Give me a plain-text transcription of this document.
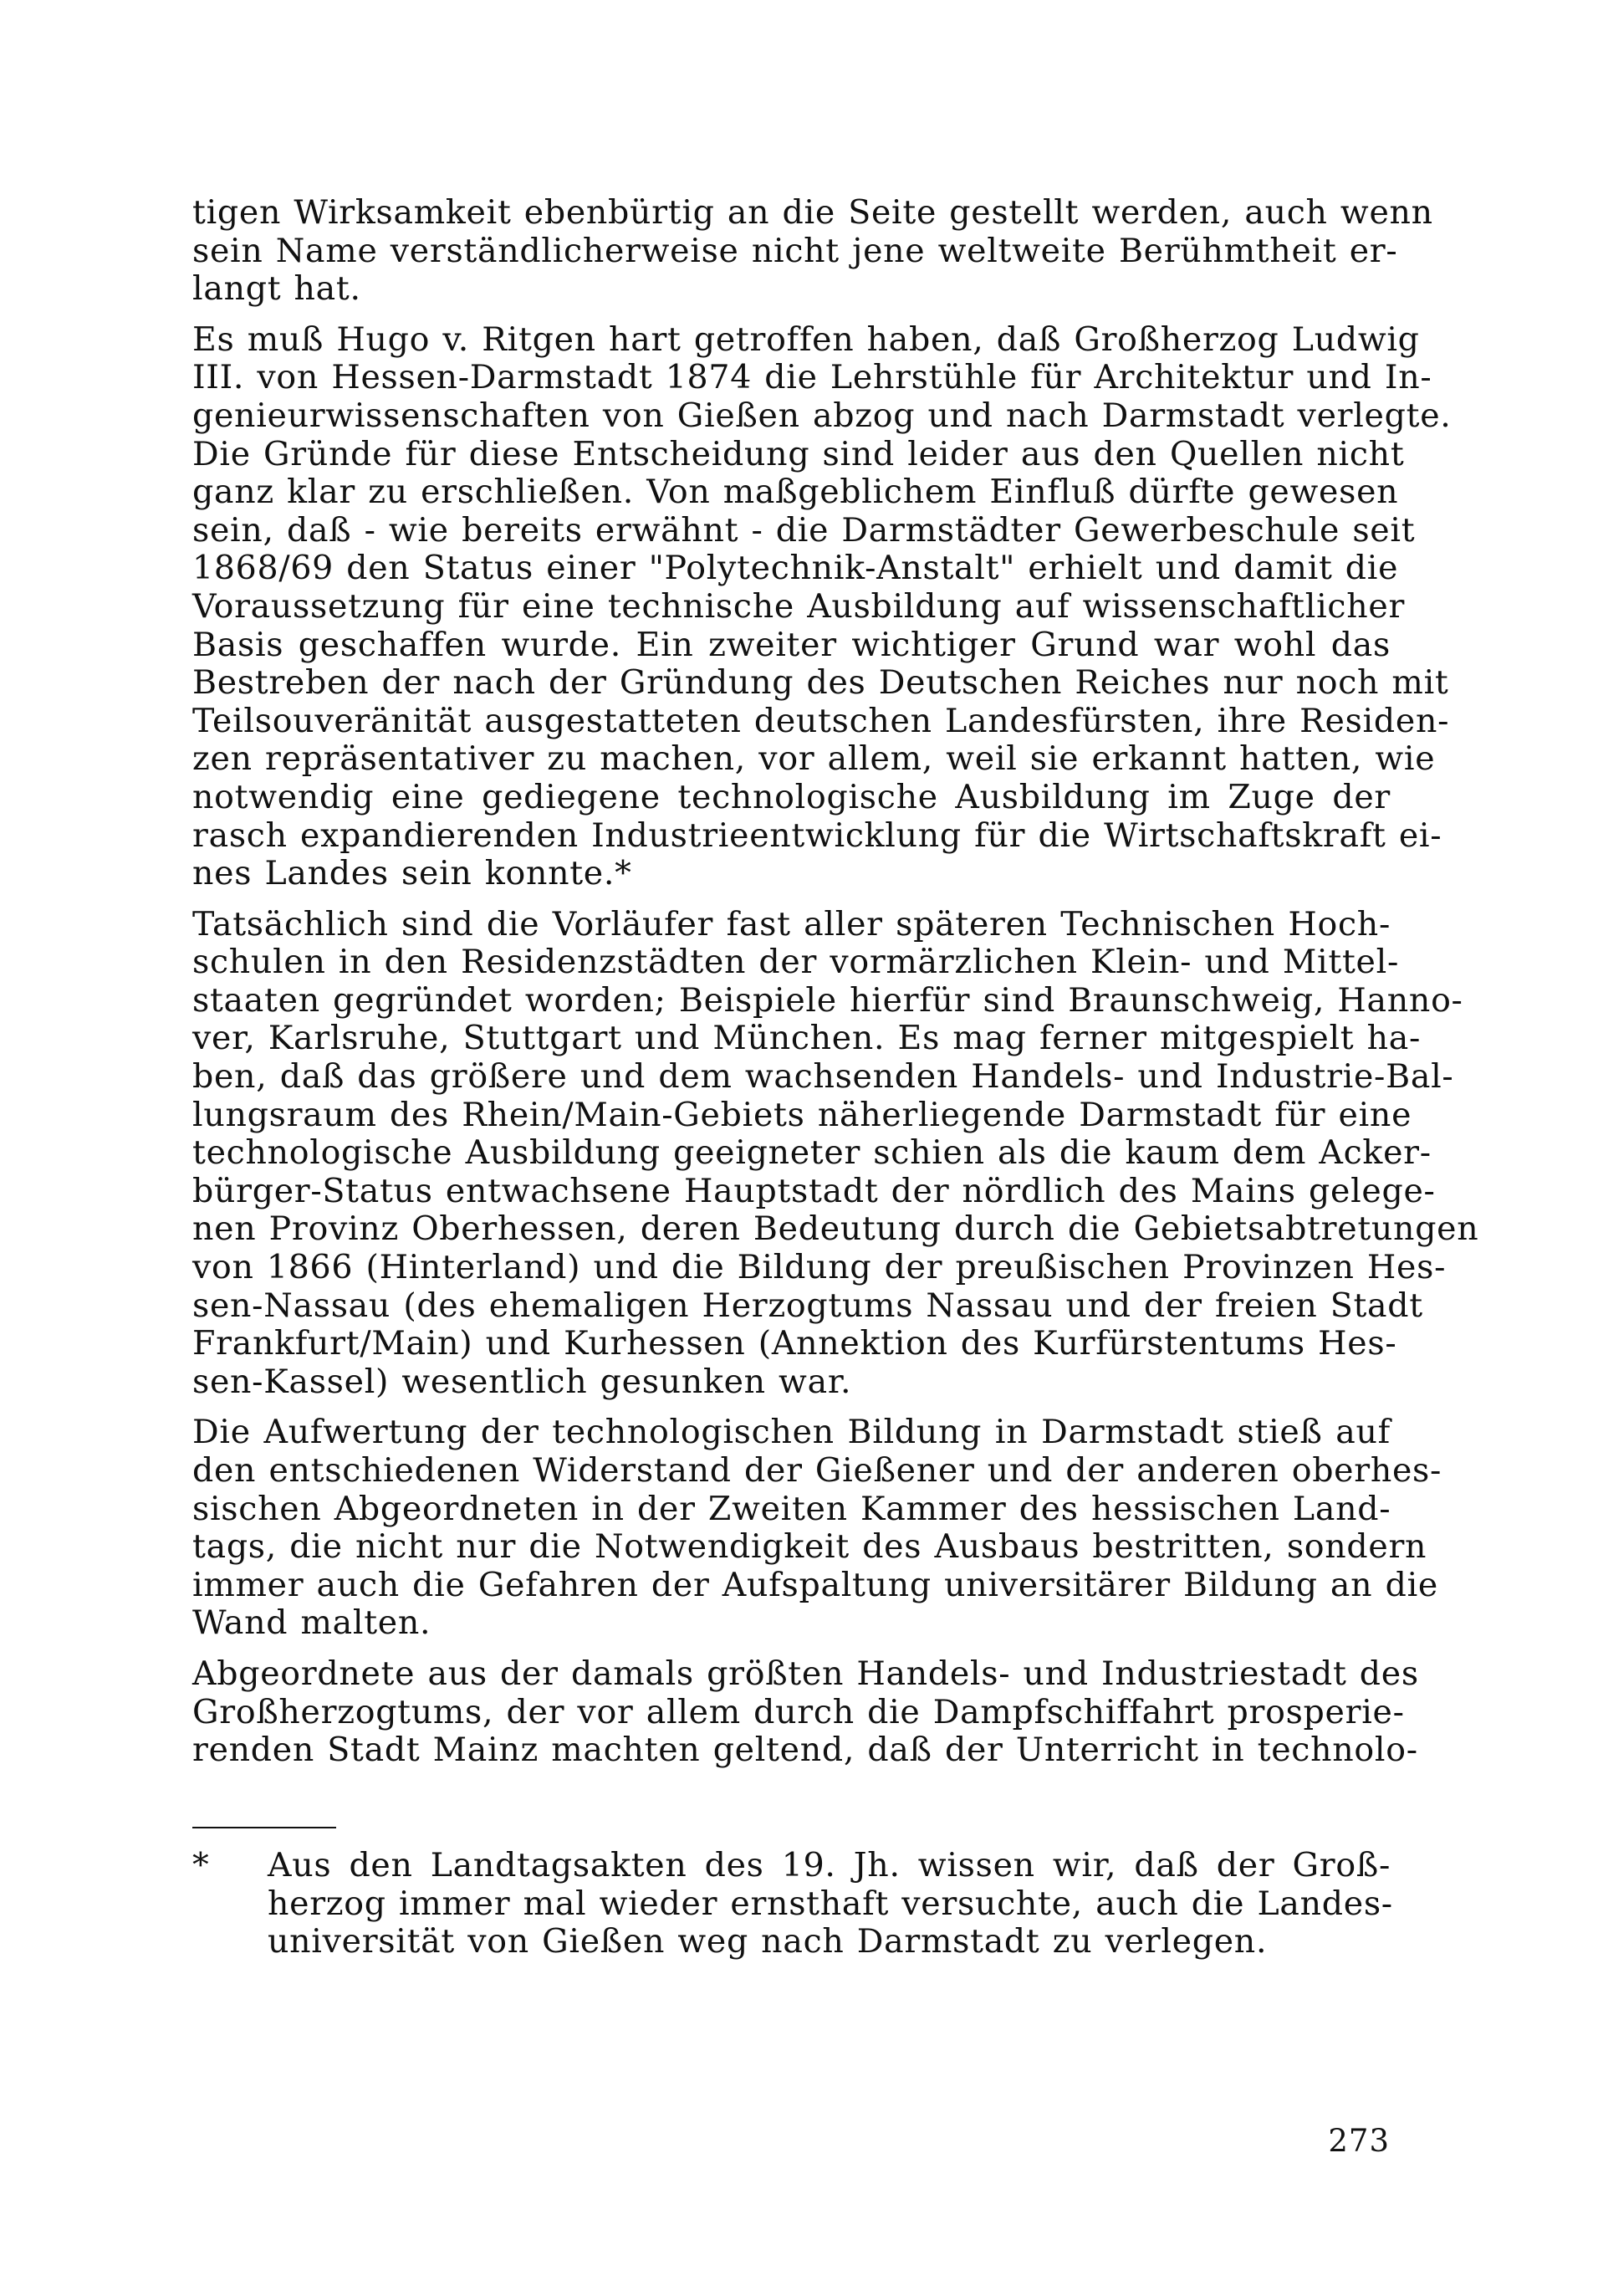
tigen Wirksamkeit ebenbürtig an die Seite gestellt werden, auch wenn
sein Name verständlicherweise nicht jene weltweite Berühmtheit er-
langt hat.

Es muß Hugo v. Ritgen hart getroffen haben, daß Großherzog Ludwig
III. von Hessen-Darmstadt 1874 die Lehrstühle für Architektur und In-
genieurwissenschaften von Gießen abzog und nach Darmstadt verlegte.
Die Gründe für diese Entscheidung sind leider aus den Quellen nicht
ganz klar zu erschließen. Von maßgeblichem Einfluß dürfte gewesen
sein, daß - wie bereits erwähnt - die Darmstädter Gewerbeschule seit
1868/69 den Status einer "Polytechnik-Anstalt" erhielt und damit die
Voraussetzung für eine technische Ausbildung auf wissenschaftlicher
Basis geschaffen wurde. Ein zweiter wichtiger Grund war wohl das
Bestreben der nach der Gründung des Deutschen Reiches nur noch mit
Teilsouveränität ausgestatteten deutschen Landesfürsten, ihre Residen-
zen repräsentativer zu machen, vor allem, weil sie erkannt hatten, wie
notwendig eine gediegene technologische Ausbildung im Zuge der
rasch expandierenden Industrieentwicklung für die Wirtschaftskraft ei-
nes Landes sein konnte.*

Tatsächlich sind die Vorläufer fast aller späteren Technischen Hoch-
schulen in den Residenzstädten der vormärzlichen Klein- und Mittel-
staaten gegründet worden; Beispiele hierfür sind Braunschweig, Hanno-
ver, Karlsruhe, Stuttgart und München. Es mag ferner mitgespielt ha-
ben, daß das größere und dem wachsenden Handels- und Industrie-Bal-
lungsraum des Rhein/Main-Gebiets näherliegende Darmstadt für eine
technologische Ausbildung geeigneter schien als die kaum dem Acker-
bürger-Status entwachsene Hauptstadt der nördlich des Mains gelege-
nen Provinz Oberhessen, deren Bedeutung durch die Gebietsabtretungen
von 1866 (Hinterland) und die Bildung der preußischen Provinzen Hes-
sen-Nassau (des ehemaligen Herzogtums Nassau und der freien Stadt
Frankfurt/Main) und Kurhessen (Annektion des Kurfürstentums Hes-
sen-Kassel) wesentlich gesunken war.

Die Aufwertung der technologischen Bildung in Darmstadt stieß auf
den entschiedenen Widerstand der Gießener und der anderen oberhes-
sischen Abgeordneten in der Zweiten Kammer des hessischen Land-
tags, die nicht nur die Notwendigkeit des Ausbaus bestritten, sondern
immer auch die Gefahren der Aufspaltung universitärer Bildung an die
Wand malten.

Abgeordnete aus der damals größten Handels- und Industriestadt des
Großherzogtums, der vor allem durch die Dampfschiffahrt prosperie-
renden Stadt Mainz machten geltend, daß der Unterricht in technolo-

*	Aus den Landtagsakten des 19. Jh. wissen wir, daß der Groß-
herzog immer mal wieder ernsthaft versuchte, auch die Landes-
universität von Gießen weg nach Darmstadt zu verlegen.
273
